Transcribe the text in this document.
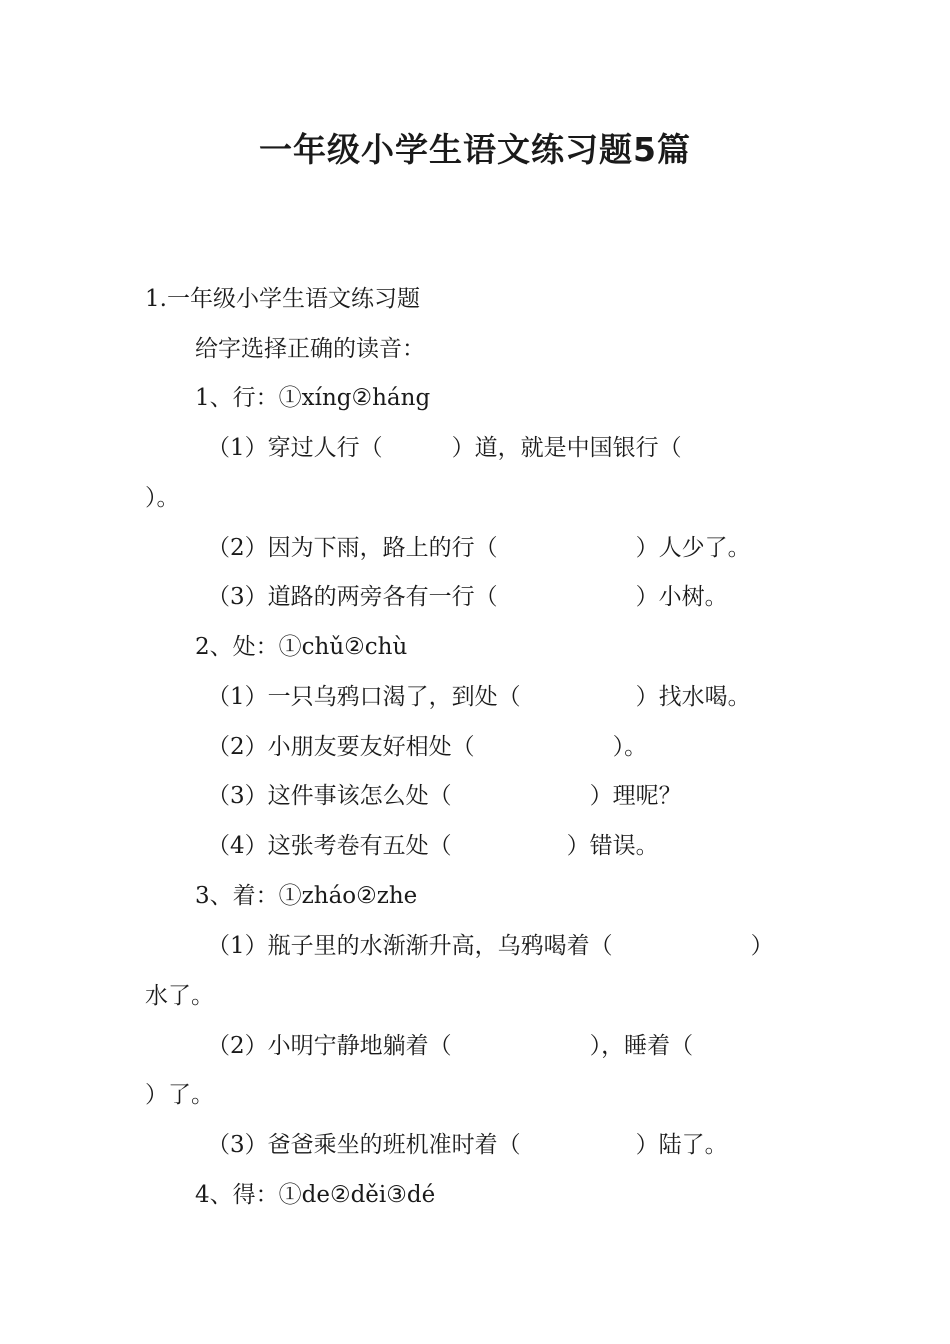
一年级小学生语文练习题5篇
1.一年级小学生语文练习题
给字选择正确的读音：
1、行：①xíng②háng
（1）穿过人行（　　　）道，就是中国银行（
）。
（2）因为下雨，路上的行（　　　　　　）人少了。
（3）道路的两旁各有一行（　　　　　　）小树。
2、处：①chǔ②chù
（1）一只乌鸦口渴了，到处（　　　　　）找水喝。
（2）小朋友要友好相处（　　　　　　）。
（3）这件事该怎么处（　　　　　　）理呢？
（4）这张考卷有五处（　　　　　）错误。
3、着：①zháo②zhe
（1）瓶子里的水渐渐升高，乌鸦喝着（　　　　　　）
水了。
（2）小明宁静地躺着（　　　　　　），睡着（
）了。
（3）爸爸乘坐的班机准时着（　　　　　）陆了。
4、得：①de②děi③dé
